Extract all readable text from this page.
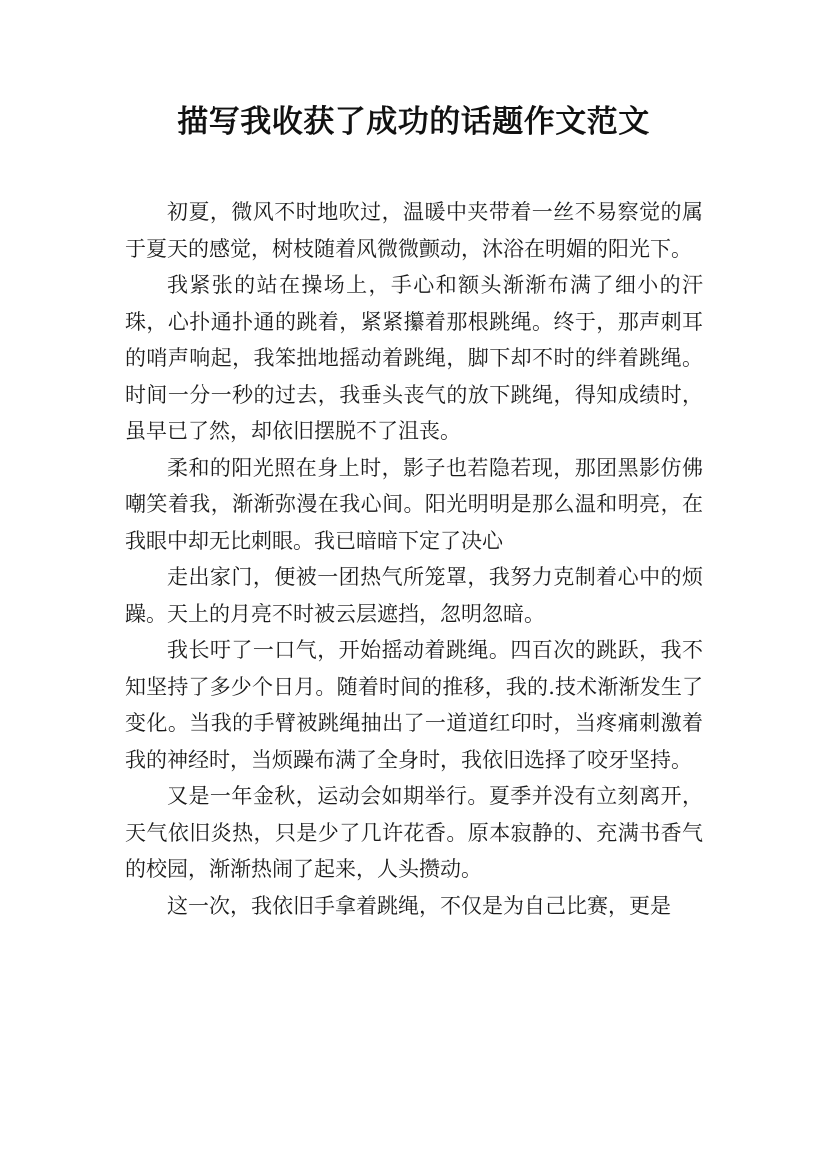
描写我收获了成功的话题作文范文

初夏，微风不时地吹过，温暖中夹带着一丝不易察觉的属于夏天的感觉，树枝随着风微微颤动，沐浴在明媚的阳光下。

我紧张的站在操场上，手心和额头渐渐布满了细小的汗珠，心扑通扑通的跳着，紧紧攥着那根跳绳。终于，那声刺耳的哨声响起，我笨拙地摇动着跳绳，脚下却不时的绊着跳绳。时间一分一秒的过去，我垂头丧气的放下跳绳，得知成绩时，虽早已了然，却依旧摆脱不了沮丧。

柔和的阳光照在身上时，影子也若隐若现，那团黑影仿佛嘲笑着我，渐渐弥漫在我心间。阳光明明是那么温和明亮，在我眼中却无比刺眼。我已暗暗下定了决心

走出家门，便被一团热气所笼罩，我努力克制着心中的烦躁。天上的月亮不时被云层遮挡，忽明忽暗。

我长吁了一口气，开始摇动着跳绳。四百次的跳跃，我不知坚持了多少个日月。随着时间的推移，我的.技术渐渐发生了变化。当我的手臂被跳绳抽出了一道道红印时，当疼痛刺激着我的神经时，当烦躁布满了全身时，我依旧选择了咬牙坚持。

又是一年金秋，运动会如期举行。夏季并没有立刻离开，天气依旧炎热，只是少了几许花香。原本寂静的、充满书香气的校园，渐渐热闹了起来，人头攒动。

这一次，我依旧手拿着跳绳，不仅是为自己比赛，更是
